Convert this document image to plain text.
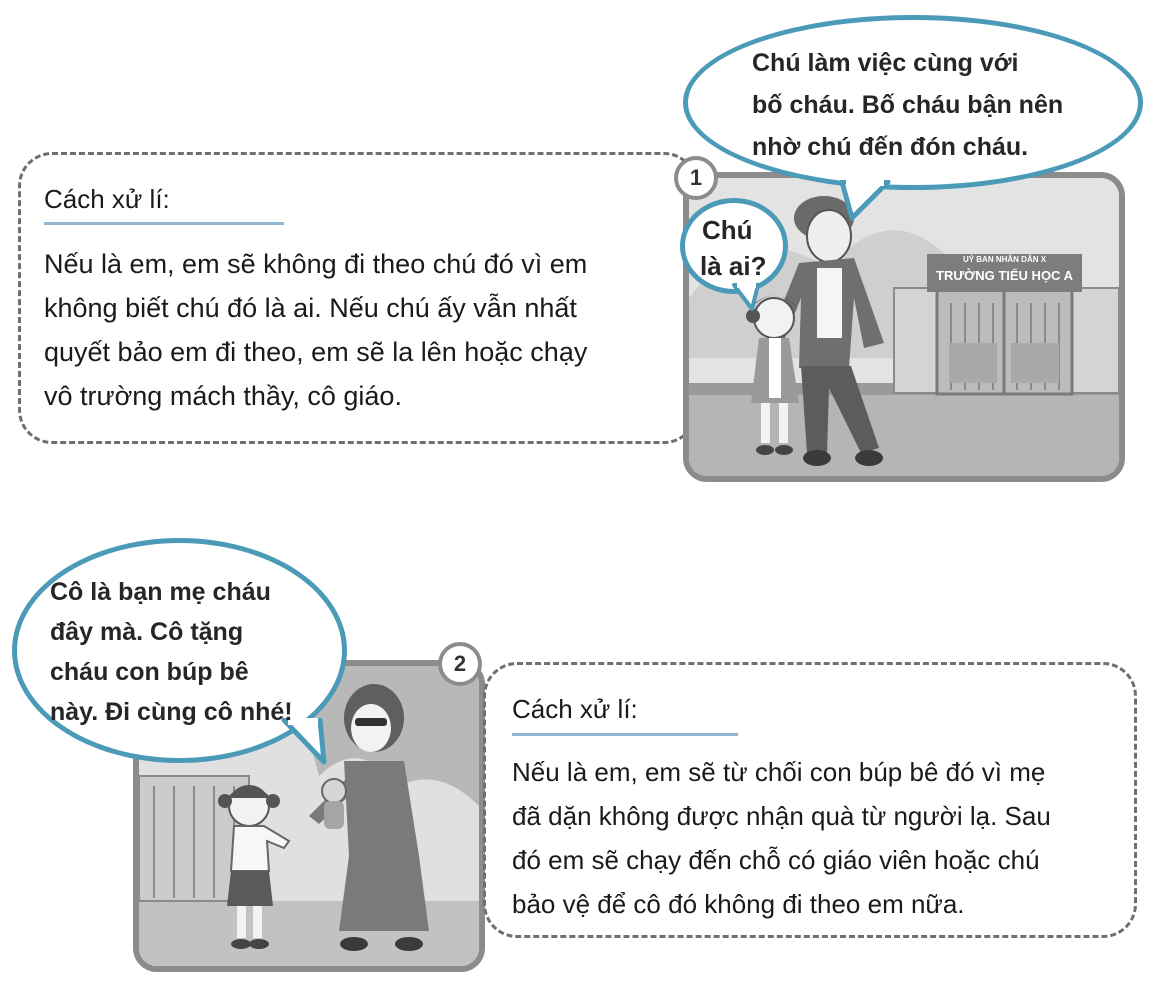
Cách xử lí:
Nếu là em, em sẽ không đi theo chú đó vì em
không biết chú đó là ai. Nếu chú ấy vẫn nhất
quyết bảo em đi theo, em sẽ la lên hoặc chạy
vô trường mách thầy, cô giáo.
UỶ BAN NHÂN DÂN X
TRƯỜNG TIỂU HỌC A
1
Chú làm việc cùng với
bố cháu. Bố cháu bận nên
nhờ chú đến đón cháu.
Chú
là ai?
2
Cô là bạn mẹ cháu
đây mà. Cô tặng
cháu con búp bê
này. Đi cùng cô nhé!	Cách xử lí:
Nếu là em, em sẽ từ chối con búp bê đó vì mẹ
đã dặn không được nhận quà từ người lạ. Sau
đó em sẽ chạy đến chỗ có giáo viên hoặc chú
bảo vệ để cô đó không đi theo em nữa.
